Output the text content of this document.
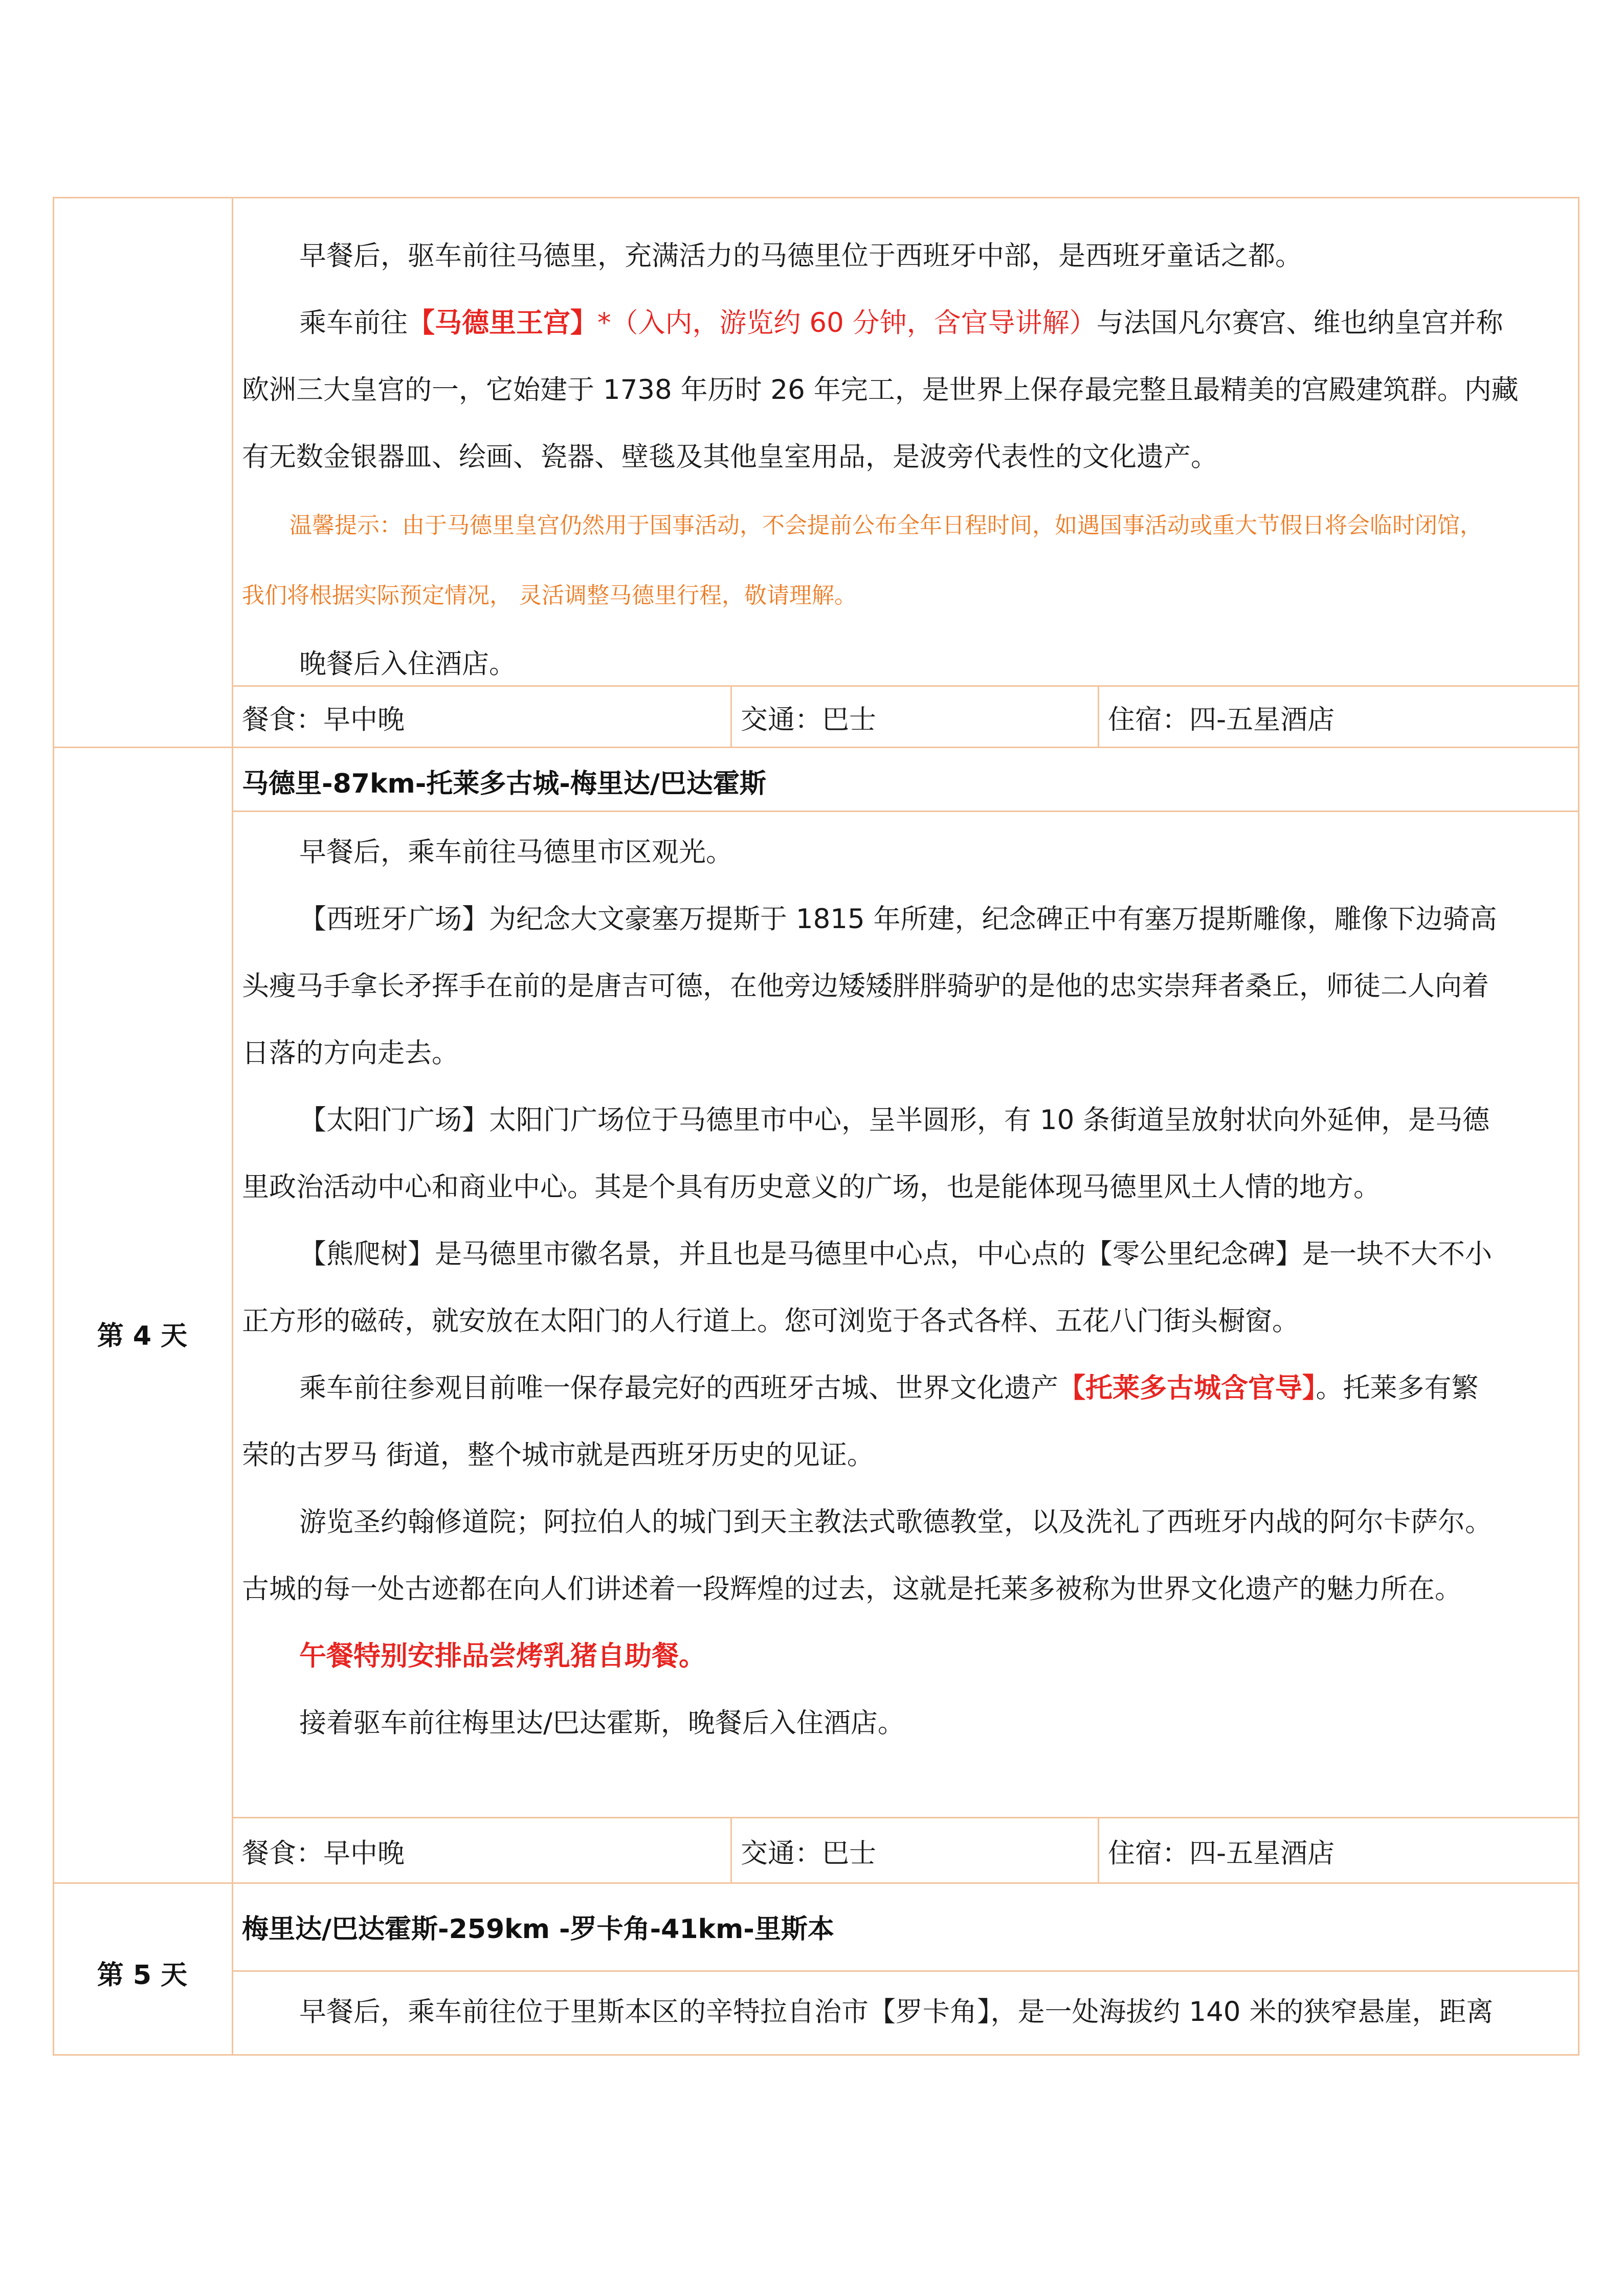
早餐后，驱车前往马德里，充满活力的马德里位于西班牙中部，是西班牙童话之都。

乘车前往【马德里王宫】*（入内，游览约 60 分钟，含官导讲解）与法国凡尔赛宫、维也纳皇宫并称

欧洲三大皇宫的一，它始建于 1738 年历时 26 年完工，是世界上保存最完整且最精美的宫殿建筑群。内藏

有无数金银器皿、绘画、瓷器、壁毯及其他皇室用品，是波旁代表性的文化遗产。

温馨提示：由于马德里皇宫仍然用于国事活动，不会提前公布全年日程时间，如遇国事活动或重大节假日将会临时闭馆，

我们将根据实际预定情况， 灵活调整马德里行程，敬请理解。

晚餐后入住酒店。

餐食：早中晚	交通：巴士	住宿：四-五星酒店
第 4 天
马德里-87km-托莱多古城-梅里达/巴达霍斯

早餐后，乘车前往马德里市区观光。

【西班牙广场】为纪念大文豪塞万提斯于 1815 年所建，纪念碑正中有塞万提斯雕像，雕像下边骑高

头瘦马手拿长矛挥手在前的是唐吉可德，在他旁边矮矮胖胖骑驴的是他的忠实崇拜者桑丘，师徒二人向着

日落的方向走去。

【太阳门广场】太阳门广场位于马德里市中心，呈半圆形，有 10 条街道呈放射状向外延伸，是马德

里政治活动中心和商业中心。其是个具有历史意义的广场，也是能体现马德里风土人情的地方。

【熊爬树】是马德里市徽名景，并且也是马德里中心点，中心点的【零公里纪念碑】是一块不大不小

正方形的磁砖，就安放在太阳门的人行道上。您可浏览于各式各样、五花八门街头橱窗。

乘车前往参观目前唯一保存最完好的西班牙古城、世界文化遗产【托莱多古城含官导】。托莱多有繁

荣的古罗马 街道，整个城市就是西班牙历史的见证。

游览圣约翰修道院；阿拉伯人的城门到天主教法式歌德教堂，以及洗礼了西班牙内战的阿尔卡萨尔。

古城的每一处古迹都在向人们讲述着一段辉煌的过去，这就是托莱多被称为世界文化遗产的魅力所在。

午餐特别安排品尝烤乳猪自助餐。

接着驱车前往梅里达/巴达霍斯，晚餐后入住酒店。

餐食：早中晚	交通：巴士	住宿：四-五星酒店
第 5 天
梅里达/巴达霍斯-259km -罗卡角-41km-里斯本

早餐后，乘车前往位于里斯本区的辛特拉自治市【罗卡角】，是一处海拔约 140 米的狭窄悬崖，距离
